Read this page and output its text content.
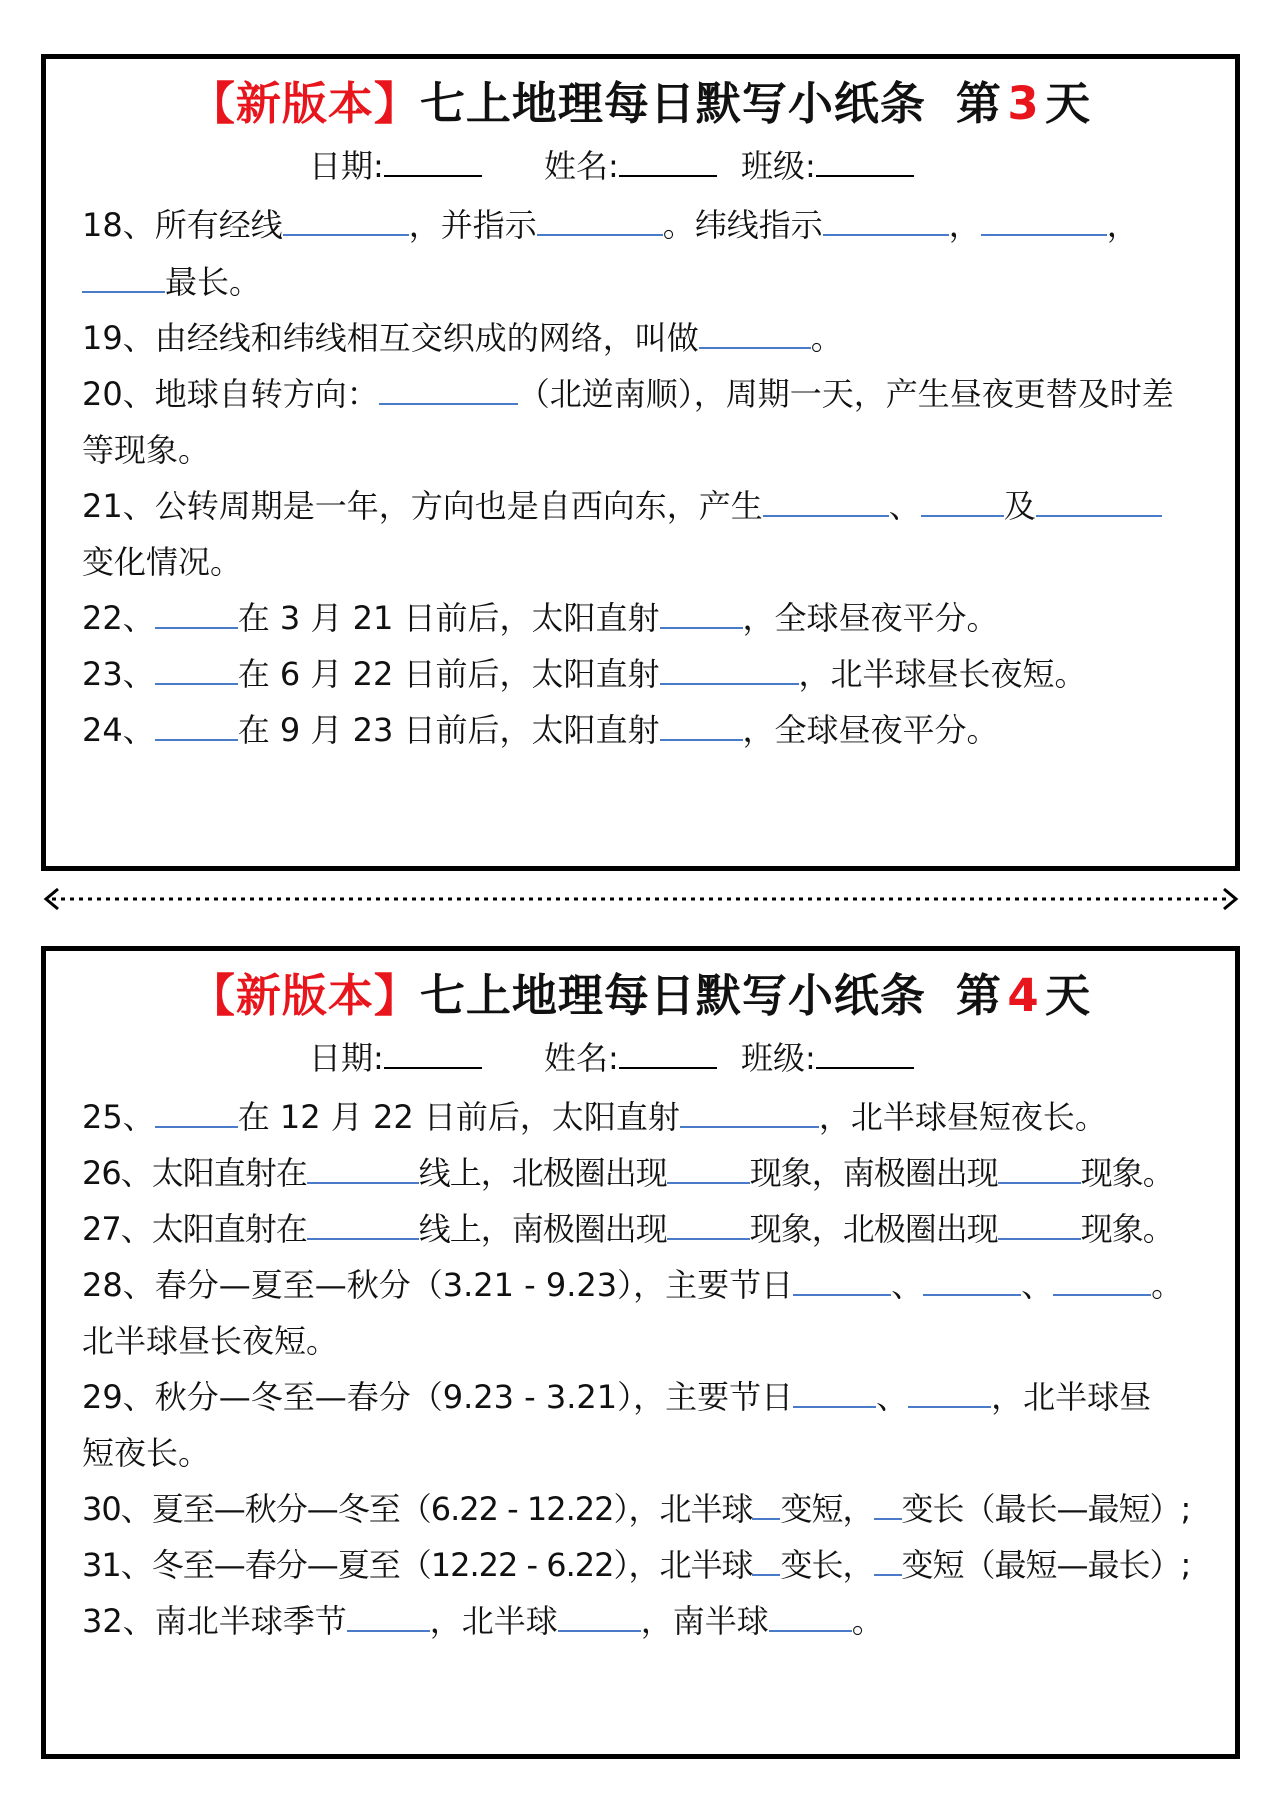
【新版本】七上地理每日默写小纸条 第  3  天
日期:	姓名:	班级:
18、所有经线	，并指示	。纬线指示	，	，
最长。
19、由经线和纬线相互交织成的网络，叫做	。
20、地球自转方向：	（北逆南顺），周期一天，产生昼夜更替及时差
等现象。
21、公转周期是一年，方向也是自西向东，产生	、	及
变化情况。
22、	在 3 月 21 日前后，太阳直射	，全球昼夜平分。
23、	在 6 月 22 日前后，太阳直射	，北半球昼长夜短。
24、	在 9 月 23 日前后，太阳直射	，全球昼夜平分。
【新版本】七上地理每日默写小纸条 第  4  天
日期:	姓名:	班级:
25、	在 12 月 22 日前后，太阳直射	，北半球昼短夜长。
26、太阳直射在	线上，北极圈出现	现象，南极圈出现	现象。
27、太阳直射在	线上，南极圈出现	现象，北极圈出现	现象。
28、春分—夏至—秋分（3.21 - 9.23），主要节日	、	、	。
北半球昼长夜短。
29、秋分—冬至—春分（9.23 - 3.21），主要节日	、	，北半球昼
短夜长。
30、夏至—秋分—冬至（6.22 - 12.22），北半球 变短， 变长（最长—最短）;
31、冬至—春分—夏至（12.22 - 6.22），北半球 变长， 变短（最短—最长）;
32、南北半球季节	，北半球	，南半球	。
